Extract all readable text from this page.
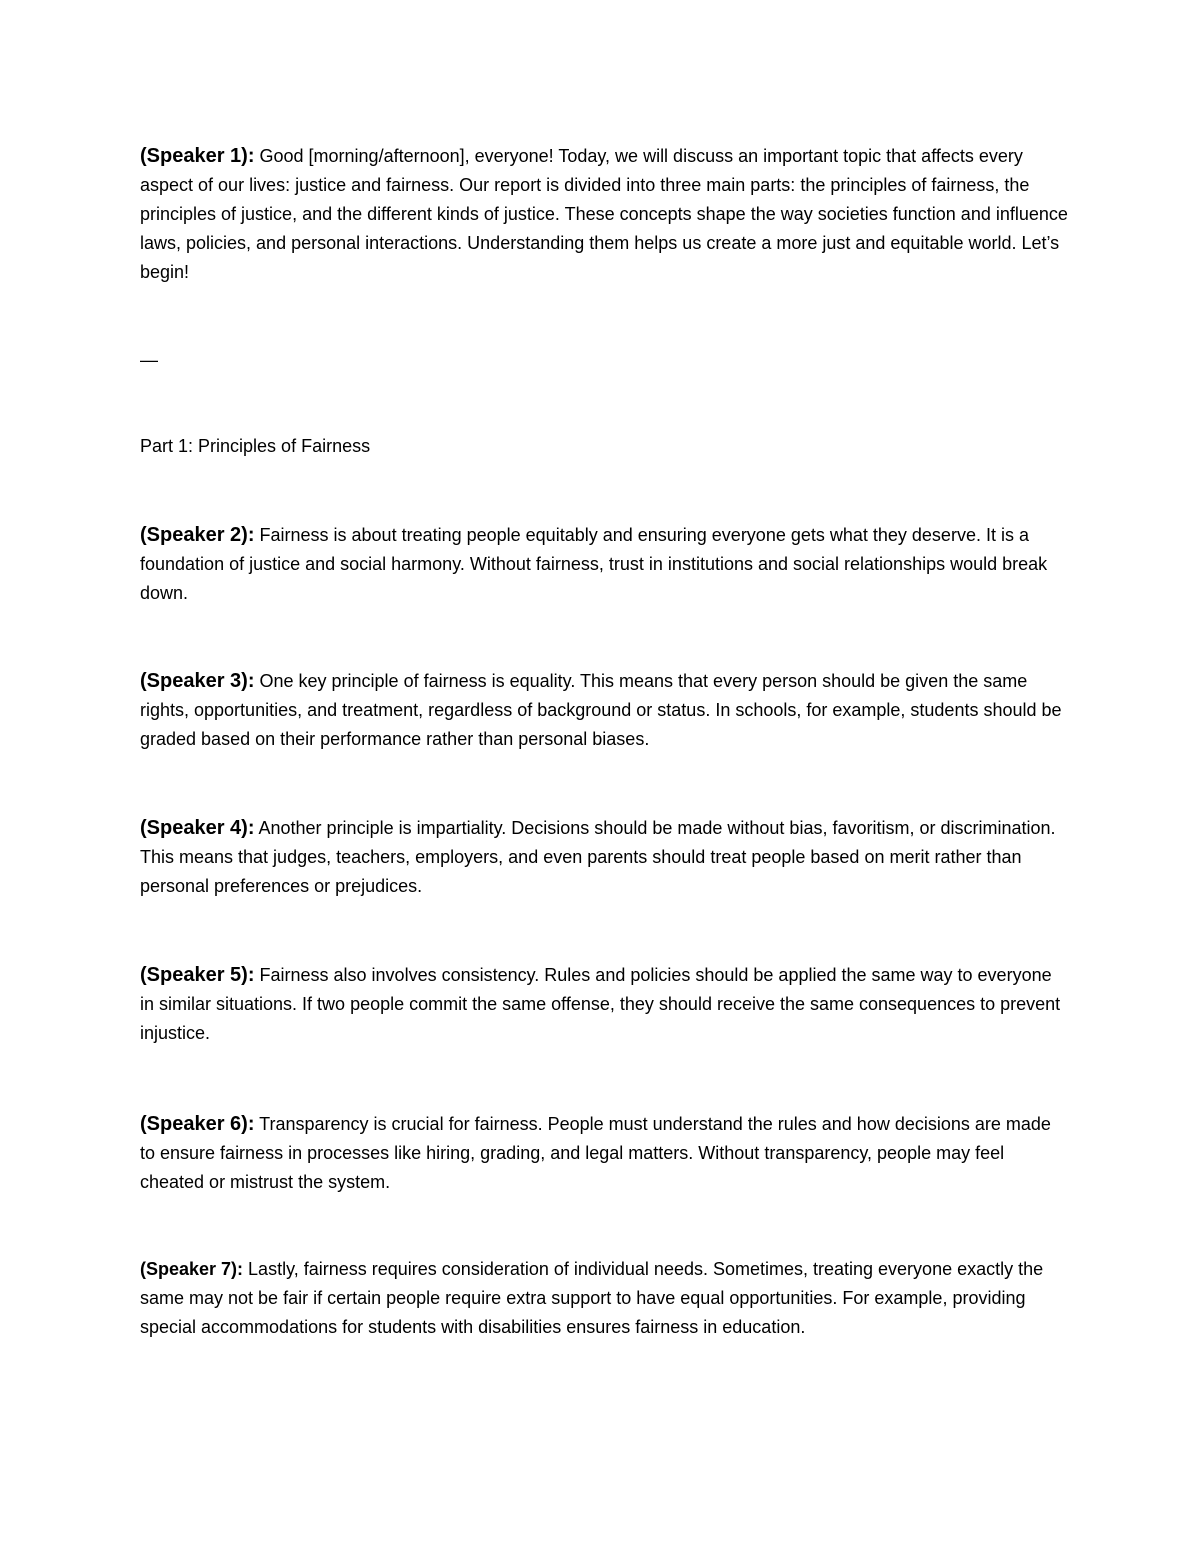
(Speaker 1): Good [morning/afternoon], everyone! Today, we will discuss an important topic that affects every aspect of our lives: justice and fairness. Our report is divided into three main parts: the principles of fairness, the principles of justice, and the different kinds of justice. These concepts shape the way societies function and influence laws, policies, and personal interactions. Understanding them helps us create a more just and equitable world. Let’s begin!

—

Part 1: Principles of Fairness

(Speaker 2): Fairness is about treating people equitably and ensuring everyone gets what they deserve. It is a foundation of justice and social harmony. Without fairness, trust in institutions and social relationships would break down.

(Speaker 3): One key principle of fairness is equality. This means that every person should be given the same rights, opportunities, and treatment, regardless of background or status. In schools, for example, students should be graded based on their performance rather than personal biases.

(Speaker 4): Another principle is impartiality. Decisions should be made without bias, favoritism, or discrimination. This means that judges, teachers, employers, and even parents should treat people based on merit rather than personal preferences or prejudices.

(Speaker 5): Fairness also involves consistency. Rules and policies should be applied the same way to everyone in similar situations. If two people commit the same offense, they should receive the same consequences to prevent injustice.

(Speaker 6): Transparency is crucial for fairness. People must understand the rules and how decisions are made to ensure fairness in processes like hiring, grading, and legal matters. Without transparency, people may feel cheated or mistrust the system.

(Speaker 7): Lastly, fairness requires consideration of individual needs. Sometimes, treating everyone exactly the same may not be fair if certain people require extra support to have equal opportunities. For example, providing special accommodations for students with disabilities ensures fairness in education.
